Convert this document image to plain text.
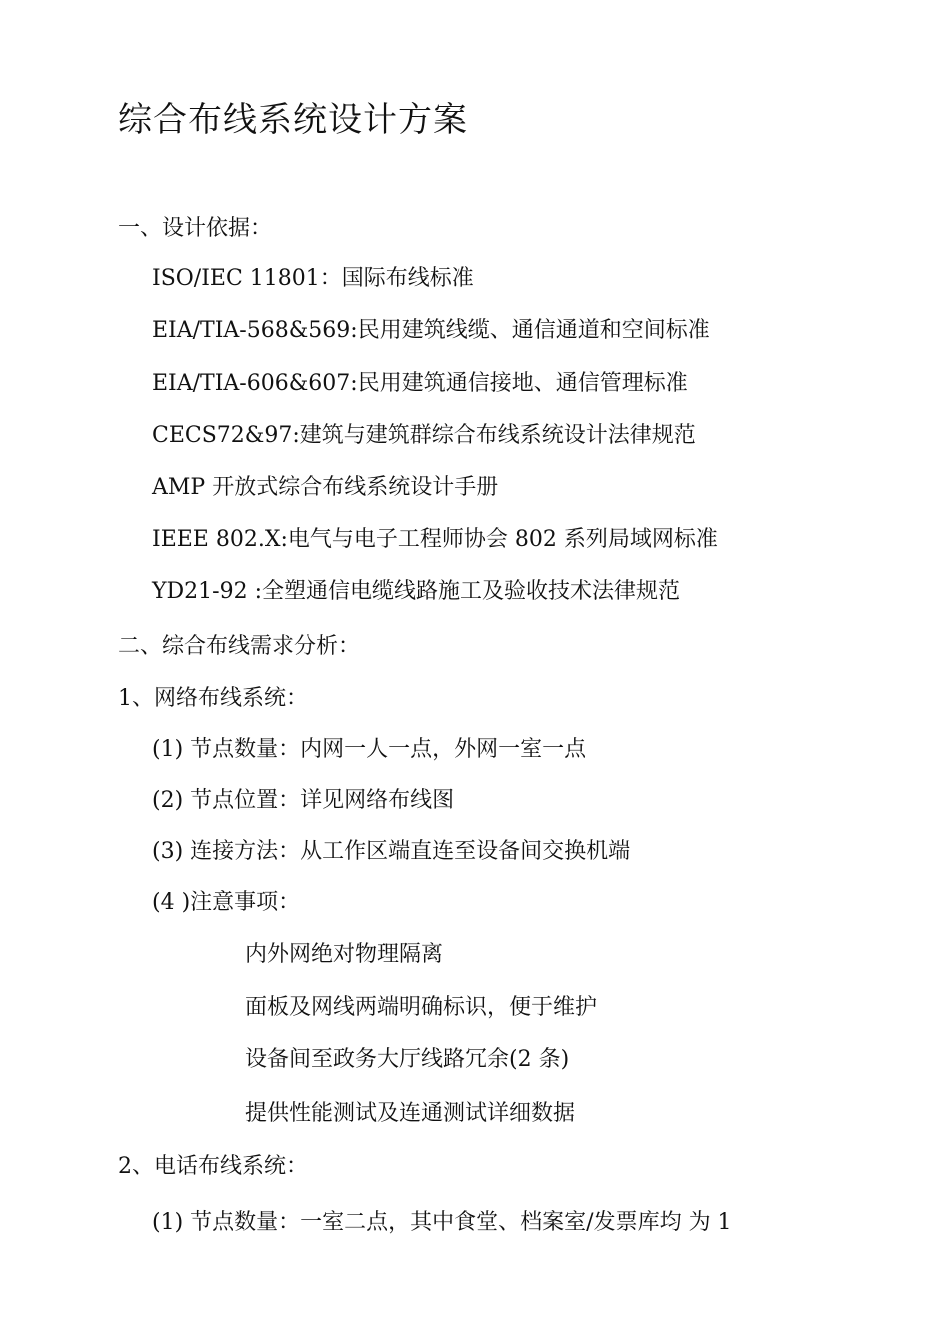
综合布线系统设计方案
一、设计依据：
ISO/IEC 11801：国际布线标准
EIA/TIA-568&569:民用建筑线缆、通信通道和空间标准
EIA/TIA-606&607:民用建筑通信接地、通信管理标准
CECS72&97:建筑与建筑群综合布线系统设计法律规范
AMP 开放式综合布线系统设计手册
IEEE 802.X:电气与电子工程师协会 802 系列局域网标准
YD21-92 :全塑通信电缆线路施工及验收技术法律规范
二、综合布线需求分析：
1、网络布线系统：
(1) 节点数量：内网一人一点，外网一室一点
(2) 节点位置：详见网络布线图
(3) 连接方法：从工作区端直连至设备间交换机端
(4 )注意事项：
内外网绝对物理隔离
面板及网线两端明确标识，便于维护
设备间至政务大厅线路冗余(2 条)
提供性能测试及连通测试详细数据
2、电话布线系统：
(1) 节点数量：一室二点，其中食堂、档案室/发票库均 为 1
